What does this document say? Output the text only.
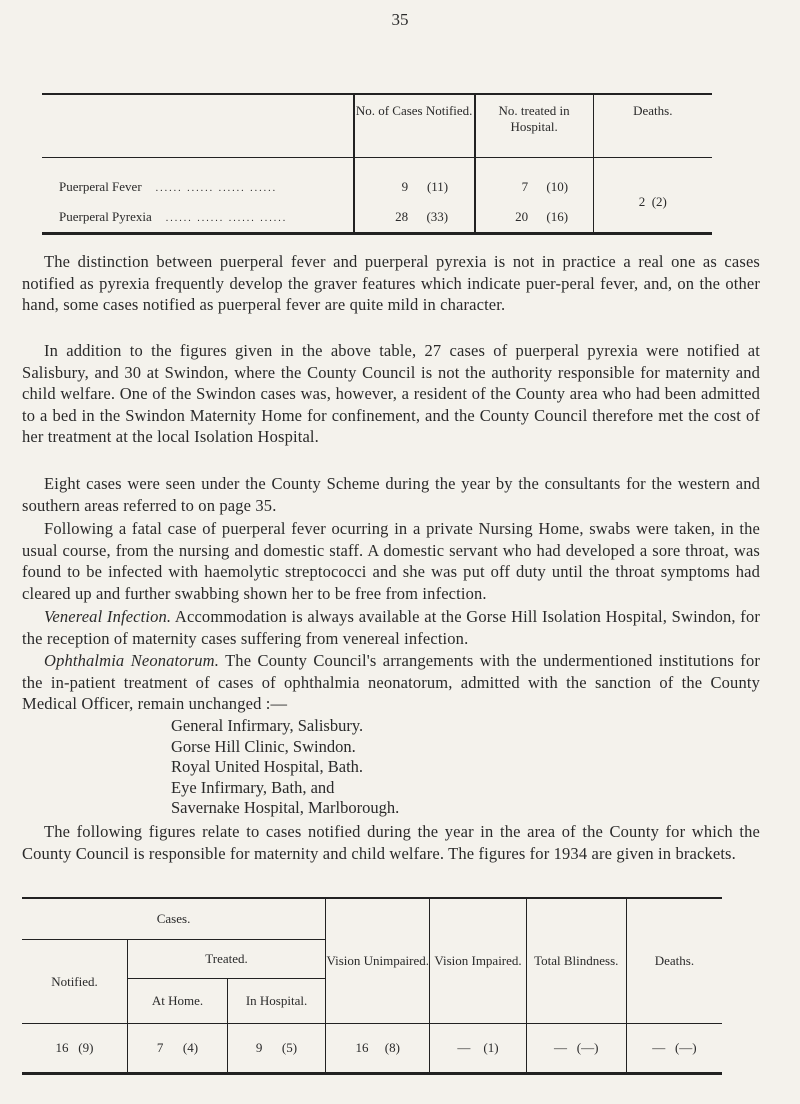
35
	No. of Cases Notified.	No. treated in Hospital.	Deaths.
Puerperal Fever ...... ...... ...... ......	9 (11)	7 (10)	2 (2)
Puerperal Pyrexia ...... ...... ...... ......	28 (33)	20 (16)	

The distinction between puerperal fever and puerperal pyrexia is not in practice a real one as cases notified as pyrexia frequently develop the graver features which indicate puer-peral fever, and, on the other hand, some cases notified as puerperal fever are quite mild in character.

In addition to the figures given in the above table, 27 cases of puerperal pyrexia were notified at Salisbury, and 30 at Swindon, where the County Council is not the authority responsible for maternity and child welfare. One of the Swindon cases was, however, a resident of the County area who had been admitted to a bed in the Swindon Maternity Home for confinement, and the County Council therefore met the cost of her treatment at the local Isolation Hospital.

Eight cases were seen under the County Scheme during the year by the consultants for the western and southern areas referred to on page 35.

Following a fatal case of puerperal fever ocurring in a private Nursing Home, swabs were taken, in the usual course, from the nursing and domestic staff. A domestic servant who had developed a sore throat, was found to be infected with haemolytic streptococci and she was put off duty until the throat symptoms had cleared up and further swabbing shown her to be free from infection.

Venereal Infection. Accommodation is always available at the Gorse Hill Isolation Hospital, Swindon, for the reception of maternity cases suffering from venereal infection.

Ophthalmia Neonatorum. The County Council's arrangements with the undermentioned institutions for the in-patient treatment of cases of ophthalmia neonatorum, admitted with the sanction of the County Medical Officer, remain unchanged :—

General Infirmary, Salisbury.
Gorse Hill Clinic, Swindon.
Royal United Hospital, Bath.
Eye Infirmary, Bath, and
Savernake Hospital, Marlborough.

The following figures relate to cases notified during the year in the area of the County for which the County Council is responsible for maternity and child welfare. The figures for 1934 are given in brackets.

Cases.			Vision Unimpaired.	Vision Impaired.	Total Blindness.	Deaths.
Notified.	Treated.					
	At Home.	In Hospital.				
16 (9)	7 (4)	9 (5)	16 (8)	— (1)	— (—)	— (—)
